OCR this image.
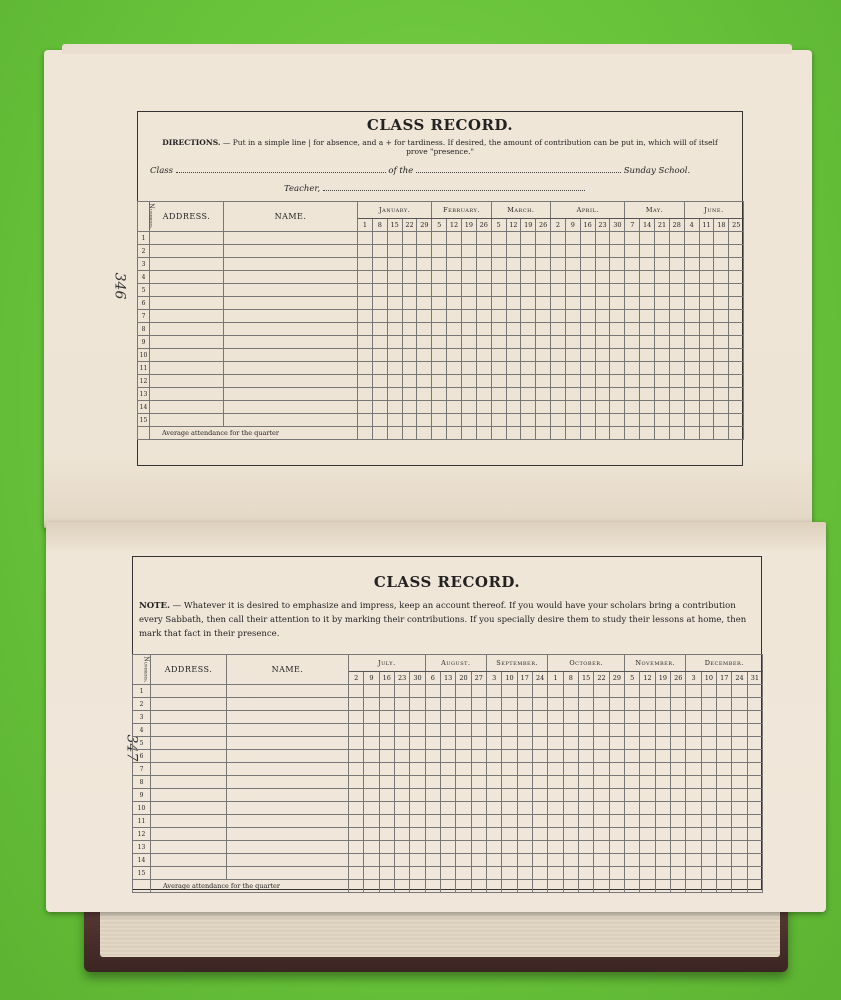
346
CLASS RECORD.
DIRECTIONS. — Put in a simple line | for absence, and a + for tardiness. If desired, the amount of contribution can be put in, which will of itself prove "presence."
Class	of the	Sunday School.
Teacher,
Numbers.	ADDRESS.	NAME.	January.					February.				March.				April.					May.				June.			
			1	8	15	22	29	5	12	19	26	5	12	19	26	2	9	16	23	30	7	14	21	28	4	11	18	25
1																												
2																												
3																												
4																												
5																												
6																												
7																												
8																												
9																												
10																												
11																												
12																												
13																												
14																												
15																												
	Average attendance for the quarter																											
347
CLASS RECORD.
NOTE. — Whatever it is desired to emphasize and impress, keep an account thereof. If you would have your scholars bring a contribution every Sabbath, then call their attention to it by marking their contributions. If you specially desire them to study their lessons at home, then mark that fact in their presence.
Numbers.	ADDRESS.	NAME.	July.					August.				September.				October.					November.				December.				
			2	9	16	23	30	6	13	20	27	3	10	17	24	1	8	15	22	29	5	12	19	26	3	10	17	24	31
1																													
2																													
3																													
4																													
5																													
6																													
7																													
8																													
9																													
10																													
11																													
12																													
13																													
14																													
15																													
	Average attendance for the quarter																												
